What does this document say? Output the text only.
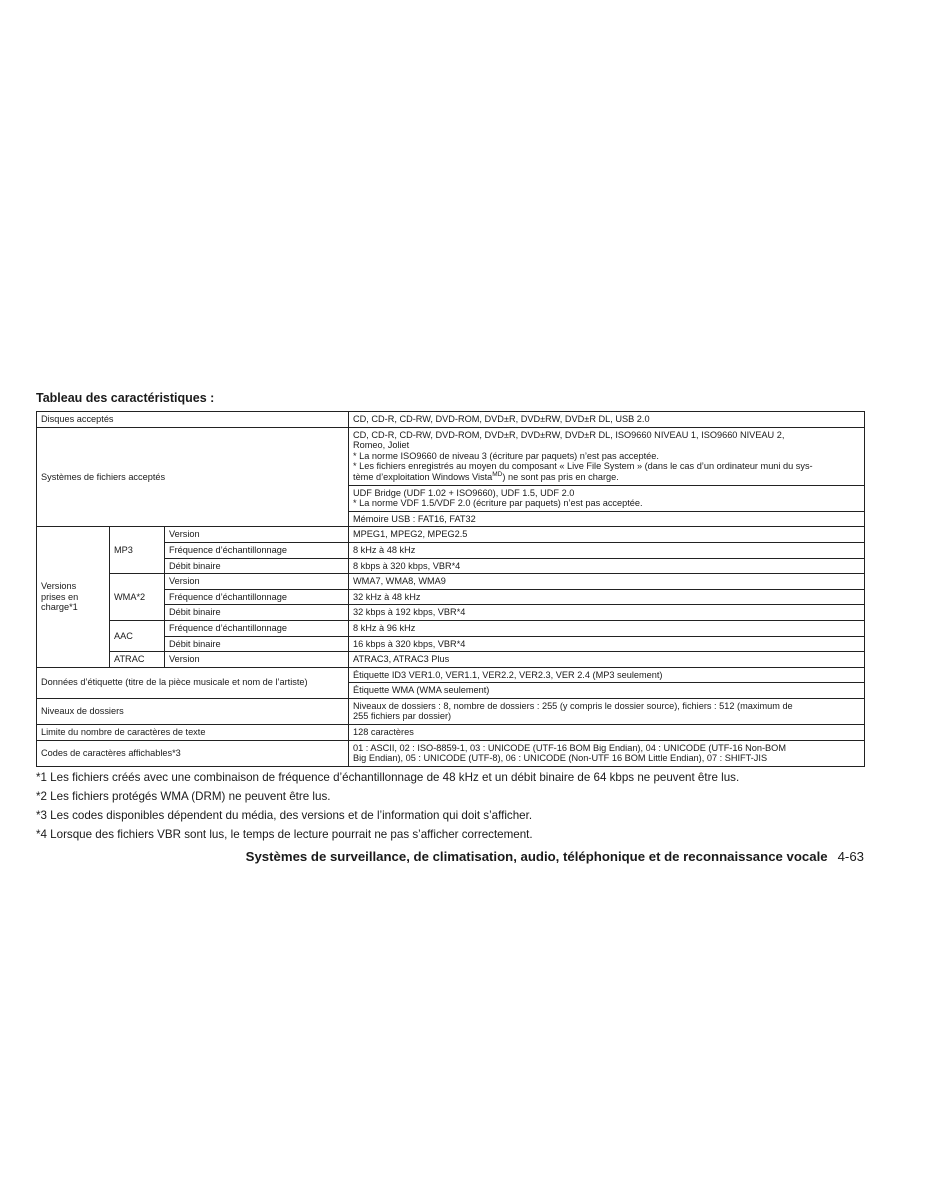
Tableau des caractéristiques :
Disques acceptés			CD, CD-R, CD-RW, DVD-ROM, DVD±R, DVD±RW, DVD±R DL, USB 2.0
Systèmes de fichiers acceptés			CD, CD-R, CD-RW, DVD-ROM, DVD±R, DVD±RW, DVD±R DL, ISO9660 NIVEAU 1, ISO9660 NIVEAU 2,
Romeo, Joliet
* La norme ISO9660 de niveau 3 (écriture par paquets) n’est pas acceptée.
* Les fichiers enregistrés au moyen du composant « Live File System » (dans le cas d’un ordinateur muni du sys-
tème d’exploitation Windows Vista$^{MD}$) ne sont pas pris en charge.

			UDF Bridge (UDF 1.02 + ISO9660), UDF 1.5, UDF 2.0
* La norme VDF 1.5/VDF 2.0 (écriture par paquets) n’est pas acceptée.

			Mémoire USB : FAT16, FAT32

Versions
prises en
charge*1	MP3	Version	MPEG1, MPEG2, MPEG2.5
		Fréquence d’échantillonnage	8 kHz à 48 kHz
		Débit binaire	8 kbps à 320 kbps, VBR*4
	WMA*2	Version	WMA7, WMA8, WMA9
		Fréquence d’échantillonnage	32 kHz à 48 kHz
		Débit binaire	32 kbps à 192 kbps, VBR*4
	AAC	Fréquence d’échantillonnage	8 kHz à 96 kHz
		Débit binaire	16 kbps à 320 kbps, VBR*4
	ATRAC	Version	ATRAC3, ATRAC3 Plus
Données d’étiquette (titre de la pièce musicale et nom de l’artiste)			Étiquette ID3 VER1.0, VER1.1, VER2.2, VER2.3, VER 2.4 (MP3 seulement)
			Étiquette WMA (WMA seulement)
Niveaux de dossiers			Niveaux de dossiers : 8, nombre de dossiers : 255 (y compris le dossier source), fichiers : 512 (maximum de
255 fichiers par dossier)

Limite du nombre de caractères de texte			128 caractères
Codes de caractères affichables*3			01 : ASCII, 02 : ISO-8859-1, 03 : UNICODE (UTF-16 BOM Big Endian), 04 : UNICODE (UTF-16 Non-BOM
Big Endian), 05 : UNICODE (UTF-8), 06 : UNICODE (Non-UTF 16 BOM Little Endian), 07 : SHIFT-JIS

*1 Les fichiers créés avec une combinaison de fréquence d’échantillonnage de 48 kHz et un débit binaire de 64 kbps ne peuvent être lus.

*2 Les fichiers protégés WMA (DRM) ne peuvent être lus.

*3 Les codes disponibles dépendent du média, des versions et de l’information qui doit s’afficher.

*4 Lorsque des fichiers VBR sont lus, le temps de lecture pourrait ne pas s’afficher correctement.

Systèmes de surveillance, de climatisation, audio, téléphonique et de reconnaissance vocale 4-63
